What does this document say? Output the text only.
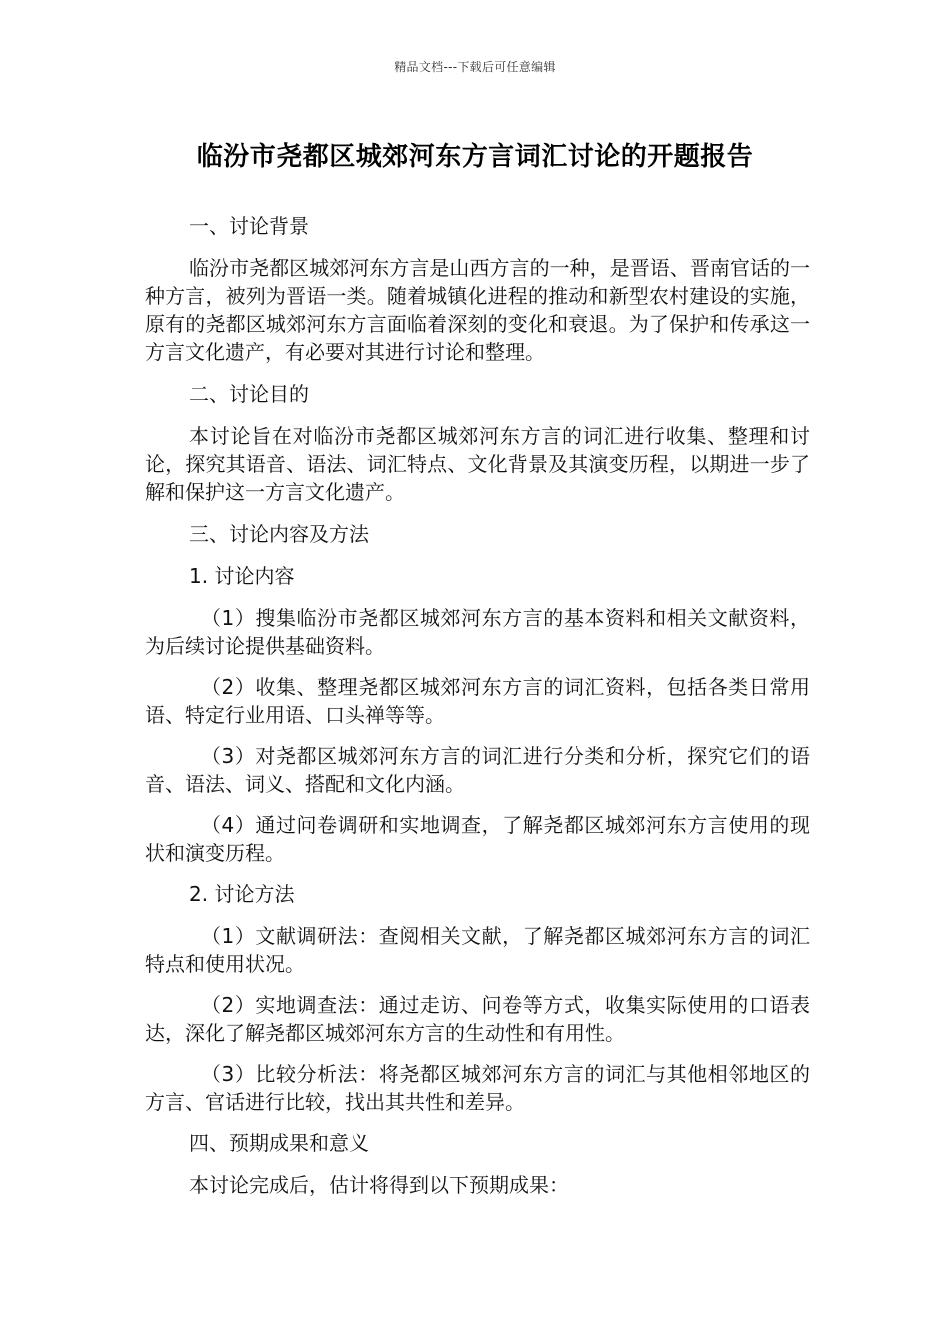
精品文档---下载后可任意编辑
临汾市尧都区城郊河东方言词汇讨论的开题报告

一、讨论背景

临汾市尧都区城郊河东方言是山西方言的一种，是晋语、晋南官话的一种方言，被列为晋语一类。随着城镇化进程的推动和新型农村建设的实施，原有的尧都区城郊河东方言面临着深刻的变化和衰退。为了保护和传承这一方言文化遗产，有必要对其进行讨论和整理。

二、讨论目的

本讨论旨在对临汾市尧都区城郊河东方言的词汇进行收集、整理和讨论，探究其语音、语法、词汇特点、文化背景及其演变历程，以期进一步了解和保护这一方言文化遗产。

三、讨论内容及方法

1. 讨论内容

（1）搜集临汾市尧都区城郊河东方言的基本资料和相关文献资料，为后续讨论提供基础资料。

（2）收集、整理尧都区城郊河东方言的词汇资料，包括各类日常用语、特定行业用语、口头禅等等。

（3）对尧都区城郊河东方言的词汇进行分类和分析，探究它们的语音、语法、词义、搭配和文化内涵。

（4）通过问卷调研和实地调查，了解尧都区城郊河东方言使用的现状和演变历程。

2. 讨论方法

（1）文献调研法：查阅相关文献，了解尧都区城郊河东方言的词汇特点和使用状况。

（2）实地调查法：通过走访、问卷等方式，收集实际使用的口语表达，深化了解尧都区城郊河东方言的生动性和有用性。

（3）比较分析法：将尧都区城郊河东方言的词汇与其他相邻地区的方言、官话进行比较，找出其共性和差异。

四、预期成果和意义

本讨论完成后，估计将得到以下预期成果：
